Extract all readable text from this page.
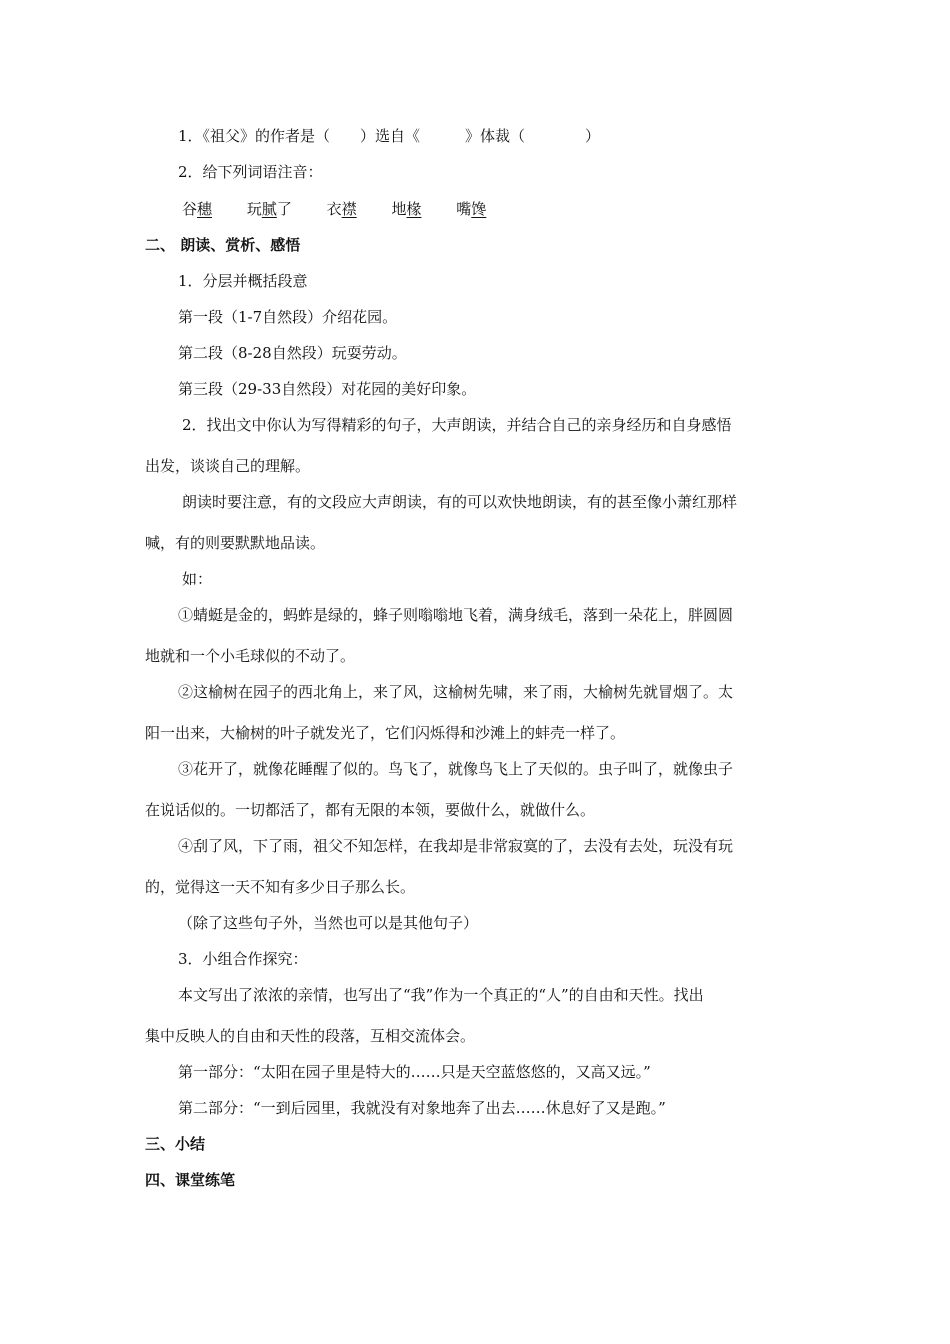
1．《祖父》的作者是（　　）选自《　　　》体裁（　　　　）
2．给下列词语注音：
谷穗 玩腻了 衣襟 地椽 嘴馋
二、 朗读、赏析、感悟
1．分层并概括段意
第一段（1-7自然段）介绍花园。
第二段（8-28自然段）玩耍劳动。
第三段（29-33自然段）对花园的美好印象。
2．找出文中你认为写得精彩的句子，大声朗读，并结合自己的亲身经历和自身感悟
出发，谈谈自己的理解。
朗读时要注意，有的文段应大声朗读，有的可以欢快地朗读，有的甚至像小萧红那样
喊，有的则要默默地品读。
如：
①蜻蜓是金的，蚂蚱是绿的，蜂子则嗡嗡地飞着，满身绒毛，落到一朵花上，胖圆圆
地就和一个小毛球似的不动了。
②这榆树在园子的西北角上，来了风，这榆树先啸，来了雨，大榆树先就冒烟了。太
阳一出来，大榆树的叶子就发光了，它们闪烁得和沙滩上的蚌壳一样了。
③花开了，就像花睡醒了似的。鸟飞了，就像鸟飞上了天似的。虫子叫了，就像虫子
在说话似的。一切都活了，都有无限的本领，要做什么，就做什么。
④刮了风，下了雨，祖父不知怎样，在我却是非常寂寞的了，去没有去处，玩没有玩
的，觉得这一天不知有多少日子那么长。
（除了这些句子外，当然也可以是其他句子）
3．小组合作探究：
本文写出了浓浓的亲情，也写出了“我”作为一个真正的“人”的自由和天性。找出
集中反映人的自由和天性的段落，互相交流体会。
第一部分：“太阳在园子里是特大的……只是天空蓝悠悠的，又高又远。”
第二部分：“一到后园里，我就没有对象地奔了出去……休息好了又是跑。”
三、小结
四、课堂练笔
